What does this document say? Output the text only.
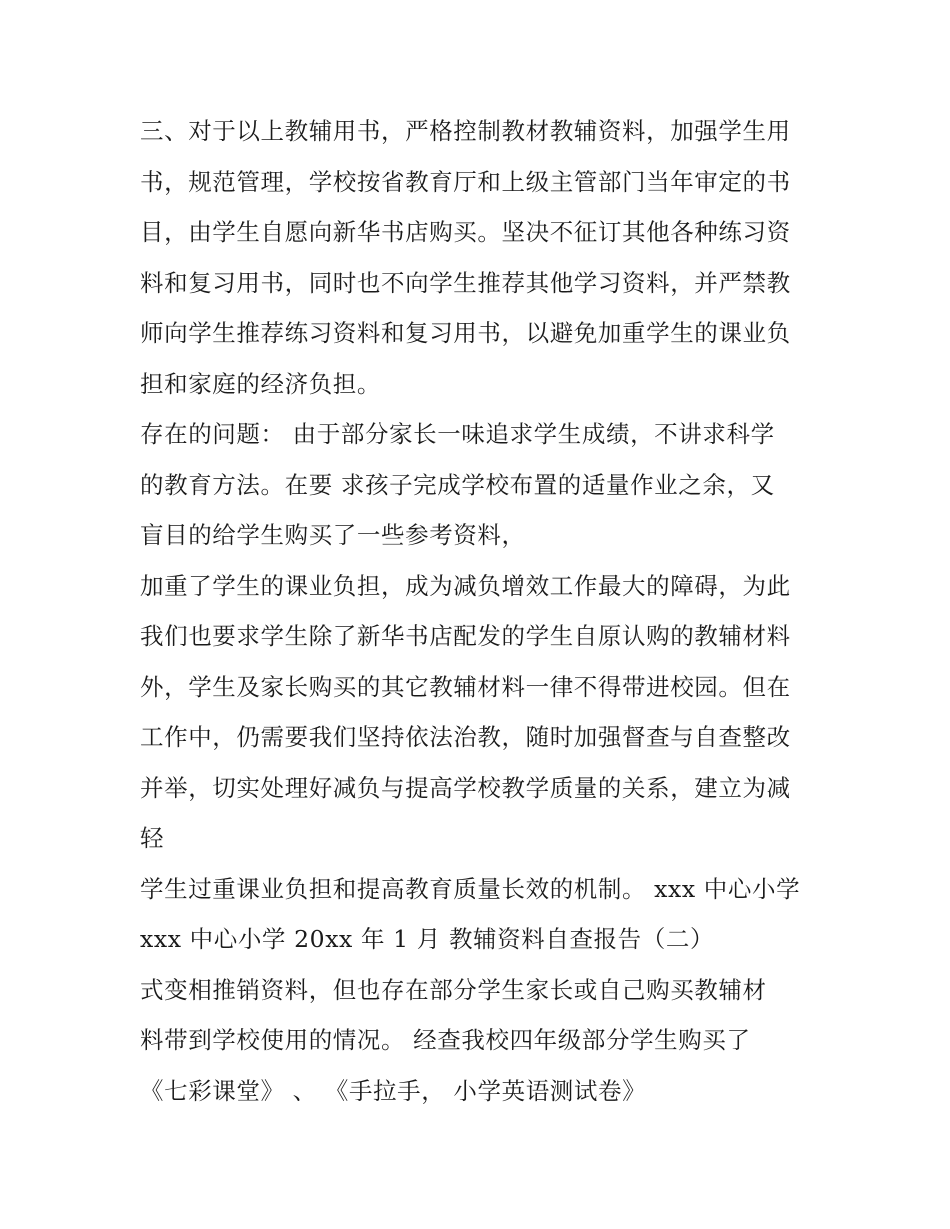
三、对于以上教辅用书，严格控制教材教辅资料，加强学生用
书，规范管理，学校按省教育厅和上级主管部门当年审定的书
目，由学生自愿向新华书店购买。坚决不征订其他各种练习资
料和复习用书，同时也不向学生推荐其他学习资料，并严禁教
师向学生推荐练习资料和复习用书，以避免加重学生的课业负
担和家庭的经济负担。
存在的问题： 由于部分家长一味追求学生成绩，不讲求科学
的教育方法。在要 求孩子完成学校布置的适量作业之余，又
盲目的给学生购买了一些参考资料，
加重了学生的课业负担，成为减负增效工作最大的障碍，为此
我们也要求学生除了新华书店配发的学生自原认购的教辅材料
外，学生及家长购买的其它教辅材料一律不得带进校园。但在
工作中，仍需要我们坚持依法治教，随时加强督查与自查整改
并举，切实处理好减负与提高学校教学质量的关系，建立为减
轻
学生过重课业负担和提高教育质量长效的机制。 xxx 中心小学
xxx 中心小学 20xx 年 1 月 教辅资料自查报告（二）
式变相推销资料，但也存在部分学生家长或自己购买教辅材
料带到学校使用的情况。 经查我校四年级部分学生购买了
《七彩课堂》 、 《手拉手， 小学英语测试卷》
